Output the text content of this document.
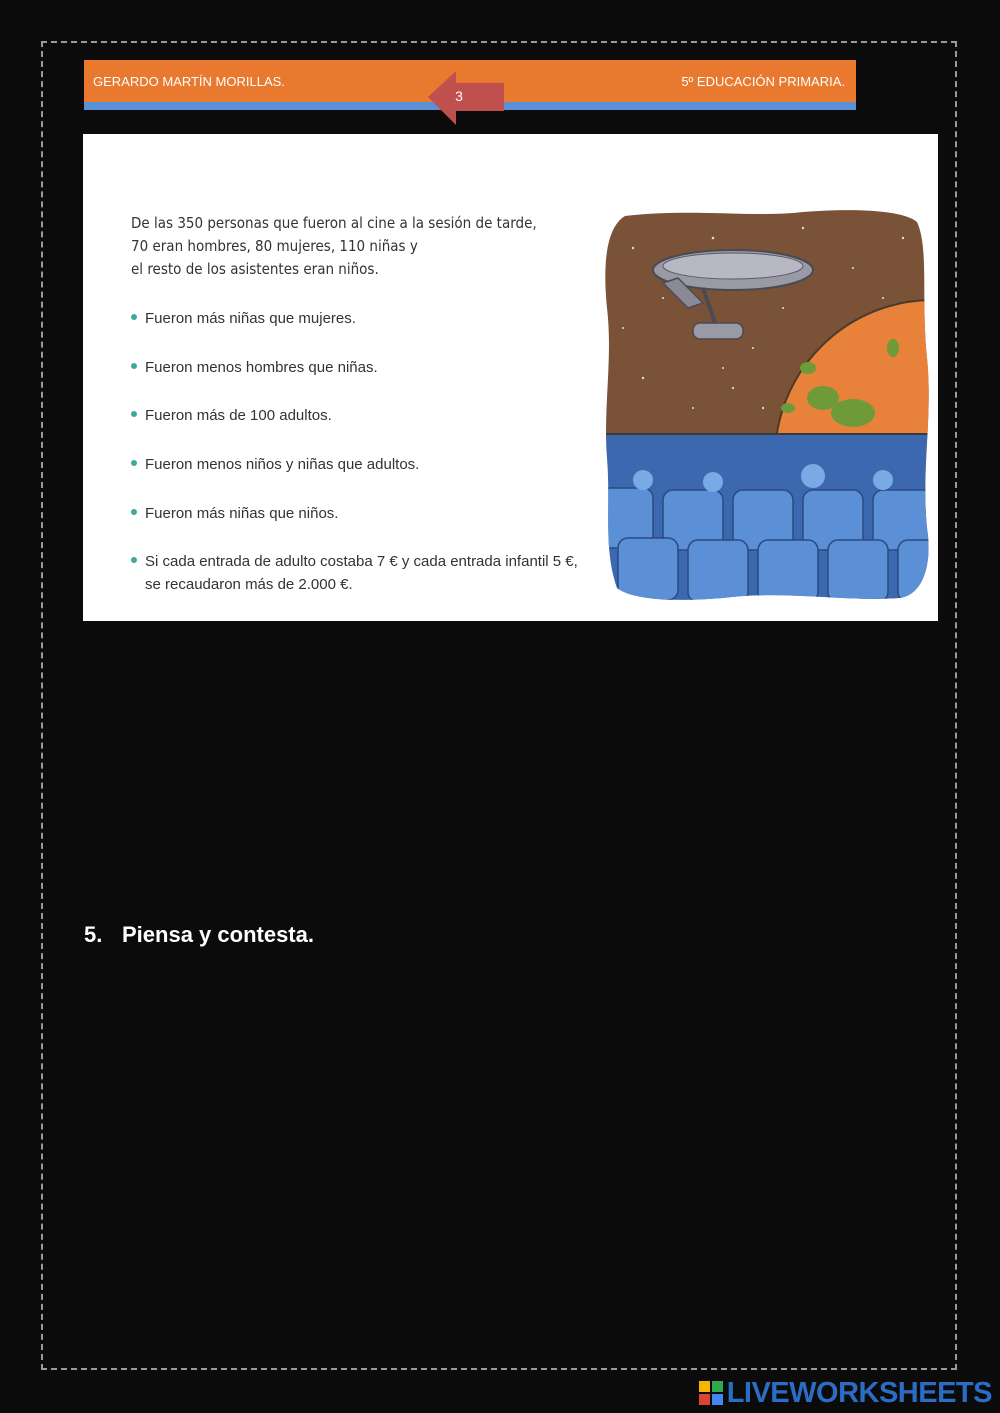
GERARDO MARTÍN MORILLAS.	5º EDUCACIÓN PRIMARIA.
3

De las 350 personas que fueron al cine a la sesión de tarde,
70 eran hombres, 80 mujeres, 110 niñas y
el resto de los asistentes eran niños.

Fueron más niñas que mujeres.
Fueron menos hombres que niñas.
Fueron más de 100 adultos.
Fueron menos niños y niñas que adultos.
Fueron más niñas que niños.
Si cada entrada de adulto costaba 7 € y cada entrada infantil 5 €,
se recaudaron más de 2.000 €.
5. Piensa y contesta.
LIVEWORKSHEETS
